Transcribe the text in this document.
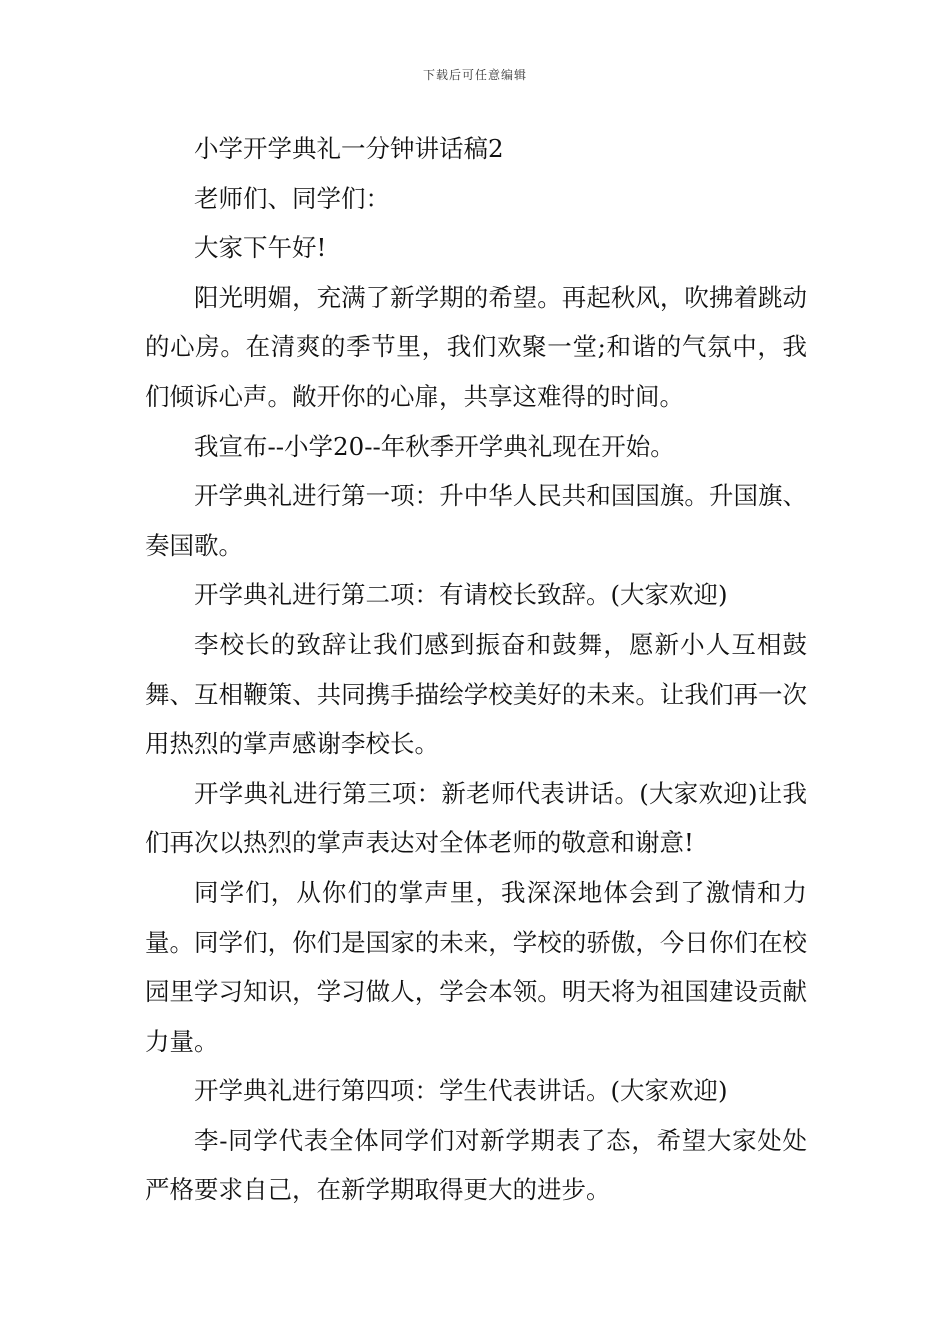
下载后可任意编辑

小学开学典礼一分钟讲话稿2

老师们、同学们：

大家下午好!

阳光明媚，充满了新学期的希望。再起秋风，吹拂着跳动的心房。在清爽的季节里，我们欢聚一堂;和谐的气氛中，我们倾诉心声。敞开你的心扉，共享这难得的时间。

我宣布--小学20--年秋季开学典礼现在开始。

开学典礼进行第一项：升中华人民共和国国旗。升国旗、奏国歌。

开学典礼进行第二项：有请校长致辞。(大家欢迎)

李校长的致辞让我们感到振奋和鼓舞，愿新小人互相鼓舞、互相鞭策、共同携手描绘学校美好的未来。让我们再一次用热烈的掌声感谢李校长。

开学典礼进行第三项：新老师代表讲话。(大家欢迎)让我们再次以热烈的掌声表达对全体老师的敬意和谢意!

同学们，从你们的掌声里，我深深地体会到了激情和力量。同学们，你们是国家的未来，学校的骄傲，今日你们在校园里学习知识，学习做人，学会本领。明天将为祖国建设贡献力量。

开学典礼进行第四项：学生代表讲话。(大家欢迎)

李-同学代表全体同学们对新学期表了态，希望大家处处严格要求自己，在新学期取得更大的进步。
